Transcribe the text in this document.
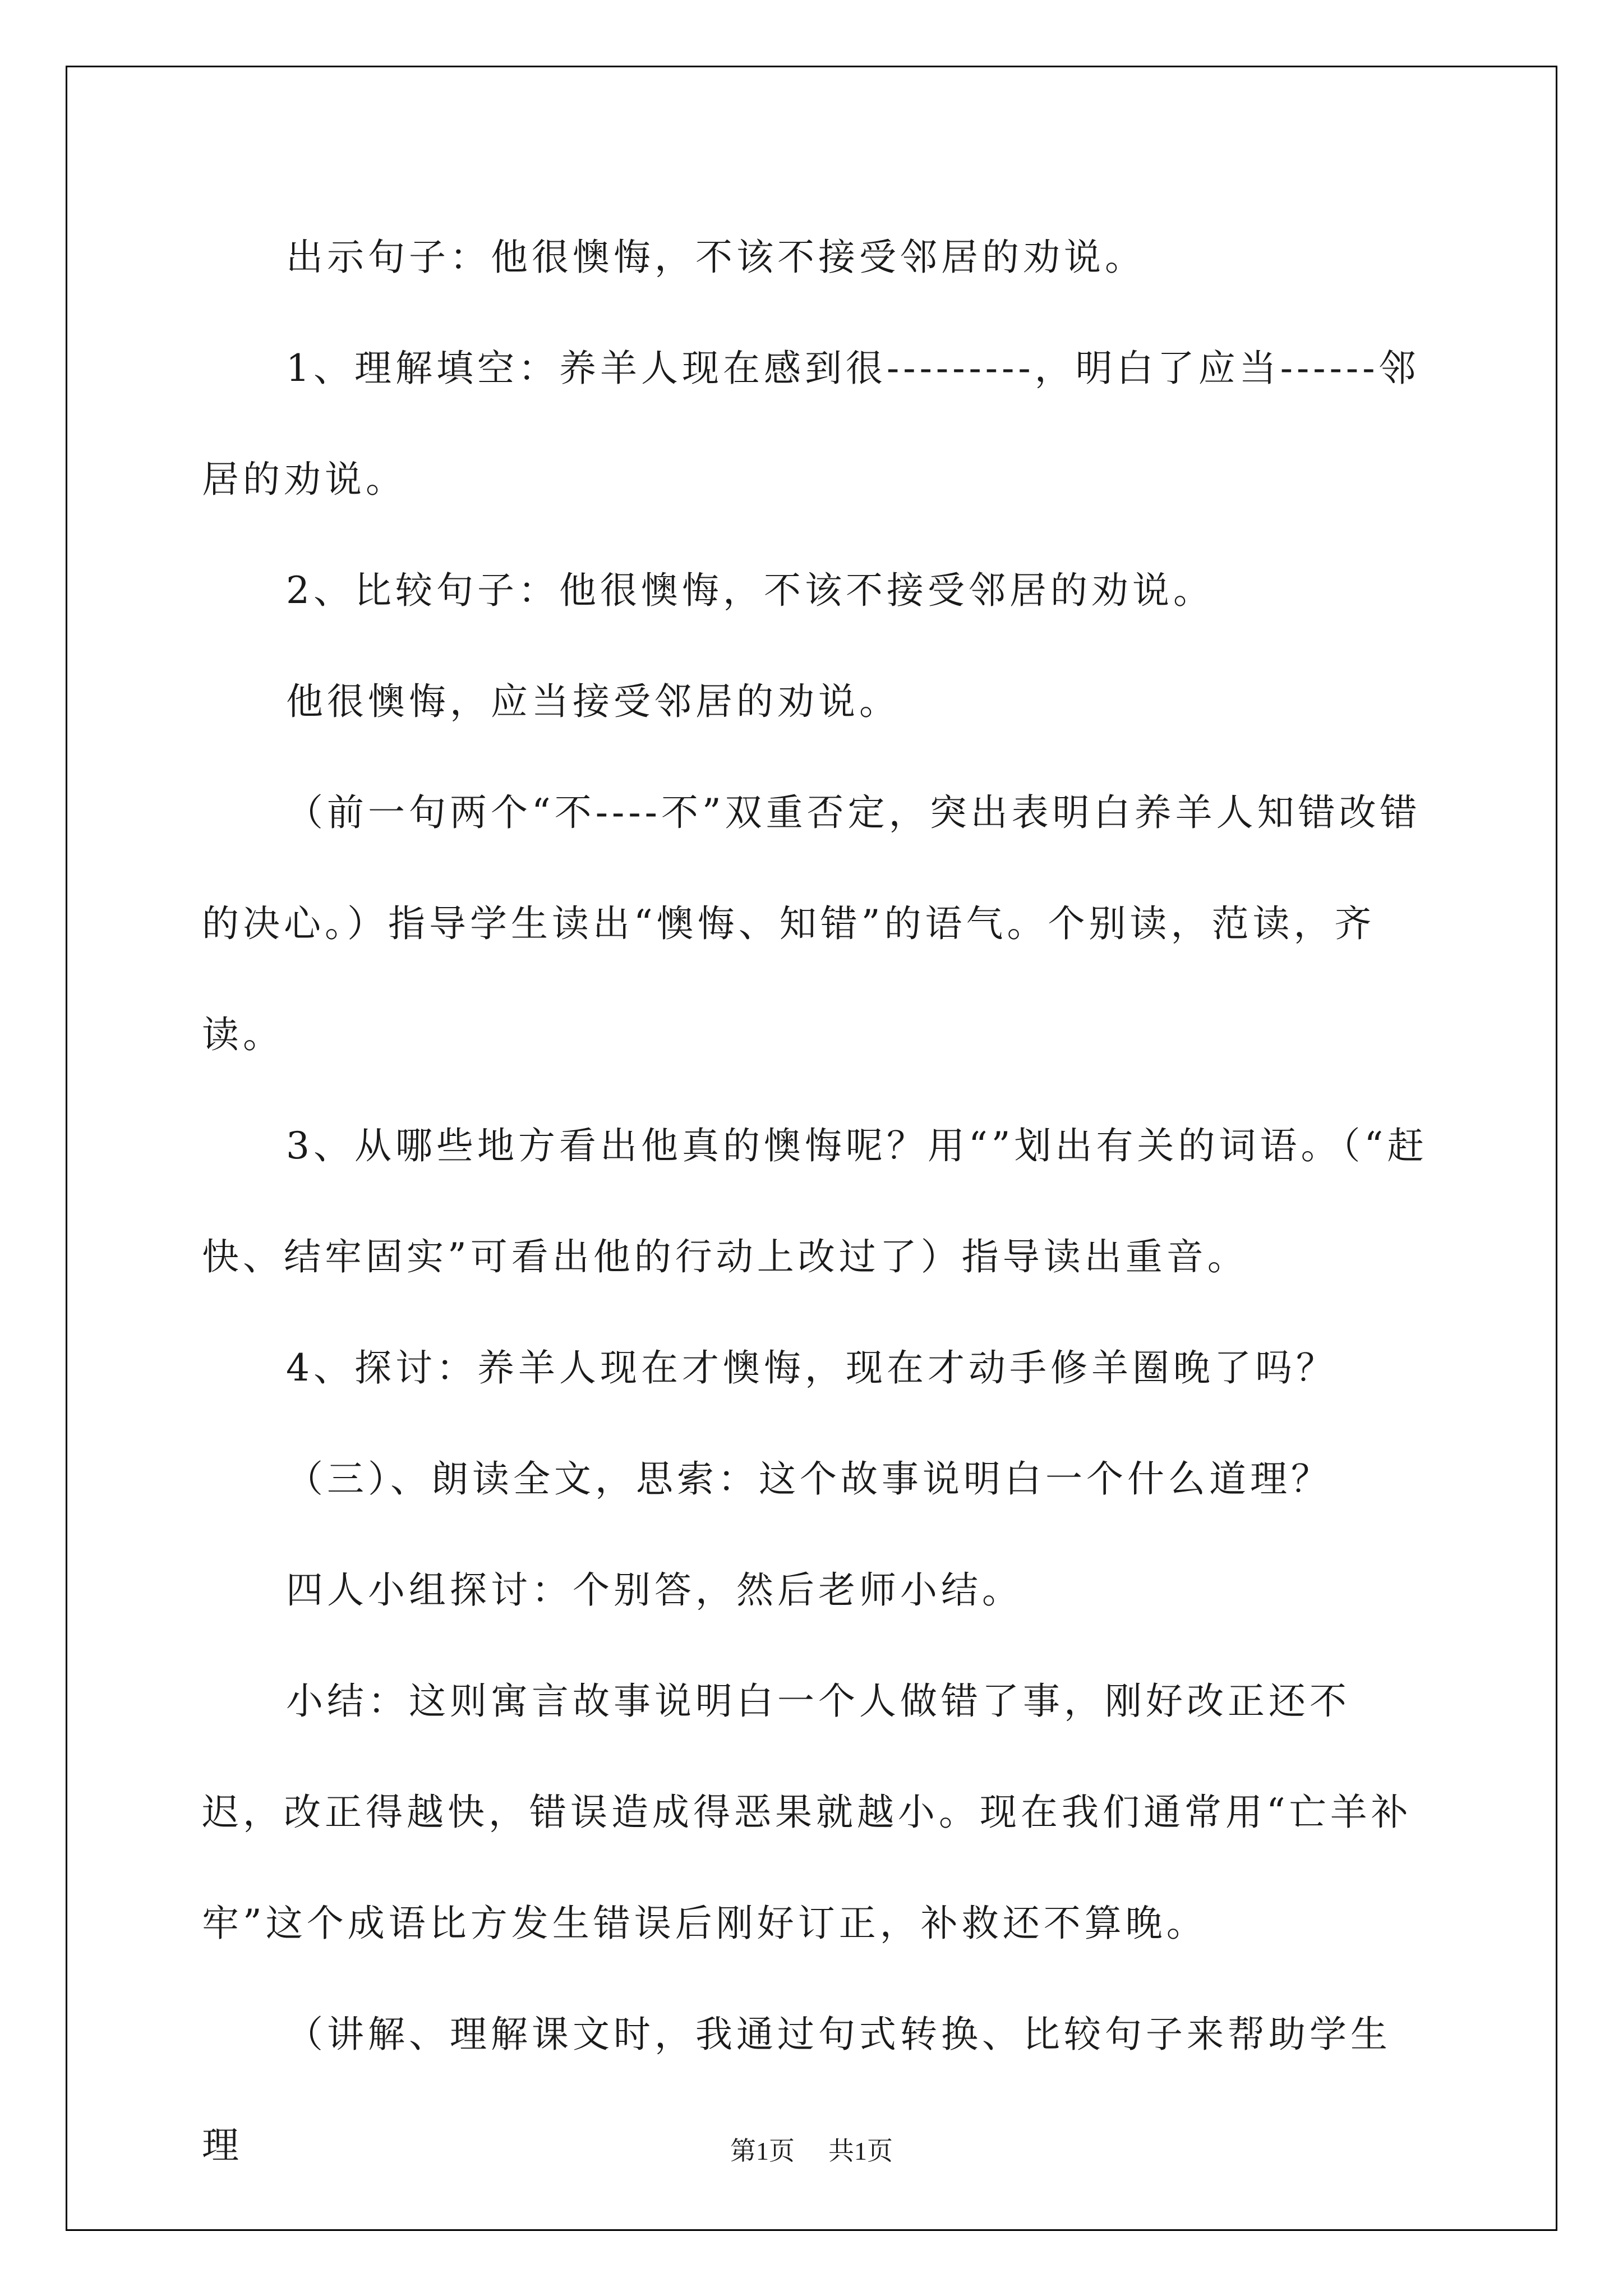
出示句子：他很懊悔，不该不接受邻居的劝说。

1、理解填空：养羊人现在感到很---------，明白了应当------邻居的劝说。

2、比较句子：他很懊悔，不该不接受邻居的劝说。

他很懊悔，应当接受邻居的劝说。

（前一句两个“不----不”双重否定，突出表明白养羊人知错改错的决心。）指导学生读出“懊悔、知错”的语气。个别读，范读，齐读。

3、从哪些地方看出他真的懊悔呢？用“”划出有关的词语。（“赶快、结牢固实”可看出他的行动上改过了）指导读出重音。

4、探讨：养羊人现在才懊悔，现在才动手修羊圈晚了吗？

（三）、朗读全文，思索：这个故事说明白一个什么道理？

四人小组探讨：个别答，然后老师小结。

小结：这则寓言故事说明白一个人做错了事，刚好改正还不迟，改正得越快，错误造成得恶果就越小。现在我们通常用“亡羊补牢”这个成语比方发生错误后刚好订正，补救还不算晚。

（讲解、理解课文时，我通过句式转换、比较句子来帮助学生理	第1页 共1页
